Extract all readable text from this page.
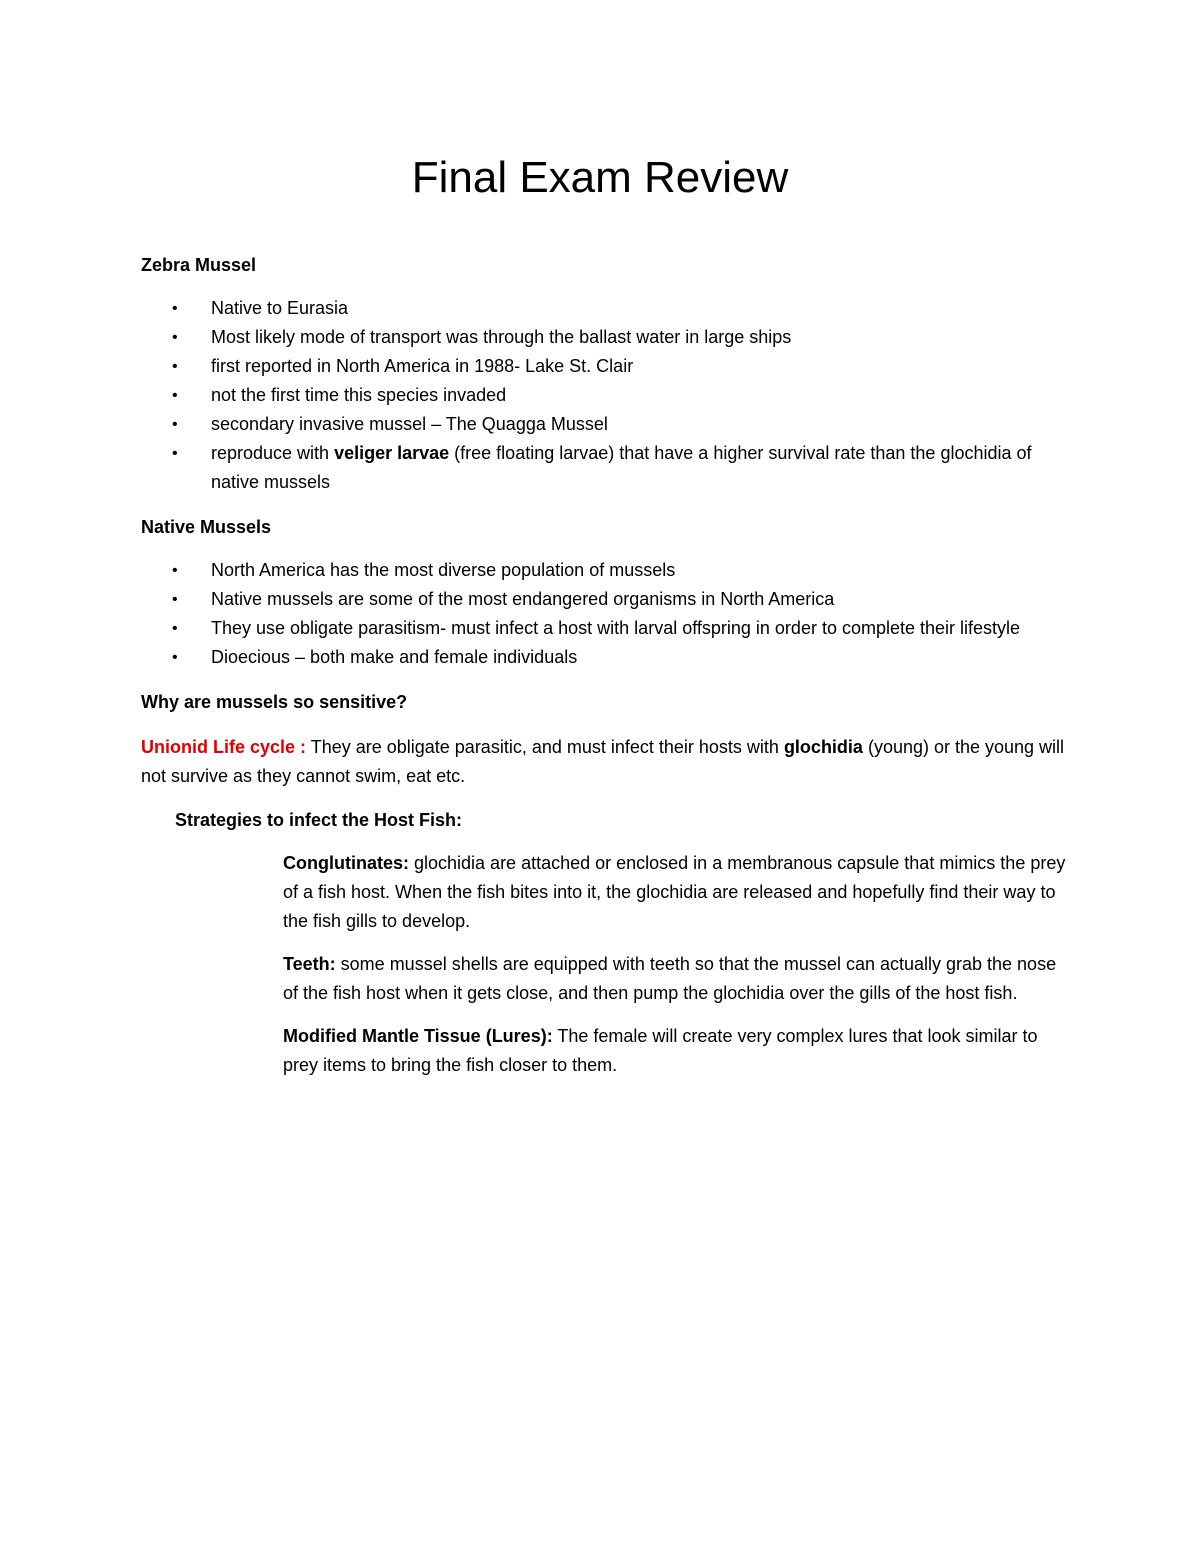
Final Exam Review

Zebra Mussel

• Native to Eurasia
• Most likely mode of transport was through the ballast water in large ships
• first reported in North America in 1988- Lake St. Clair
• not the first time this species invaded
• secondary invasive mussel – The Quagga Mussel
• reproduce with veliger larvae (free floating larvae) that have a higher survival rate than the glochidia of native mussels

Native Mussels

• North America has the most diverse population of mussels
• Native mussels are some of the most endangered organisms in North America
• They use obligate parasitism- must infect a host with larval offspring in order to complete their lifestyle
• Dioecious – both make and female individuals

Why are mussels so sensitive?

Unionid Life cycle : They are obligate parasitic, and must infect their hosts with glochidia (young) or the young will not survive as they cannot swim, eat etc.

Strategies to infect the Host Fish:

Conglutinates: glochidia are attached or enclosed in a membranous capsule that mimics the prey of a fish host. When the fish bites into it, the glochidia are released and hopefully find their way to the fish gills to develop.

Teeth: some mussel shells are equipped with teeth so that the mussel can actually grab the nose of the fish host when it gets close, and then pump the glochidia over the gills of the host fish.

Modified Mantle Tissue (Lures): The female will create very complex lures that look similar to prey items to bring the fish closer to them.
